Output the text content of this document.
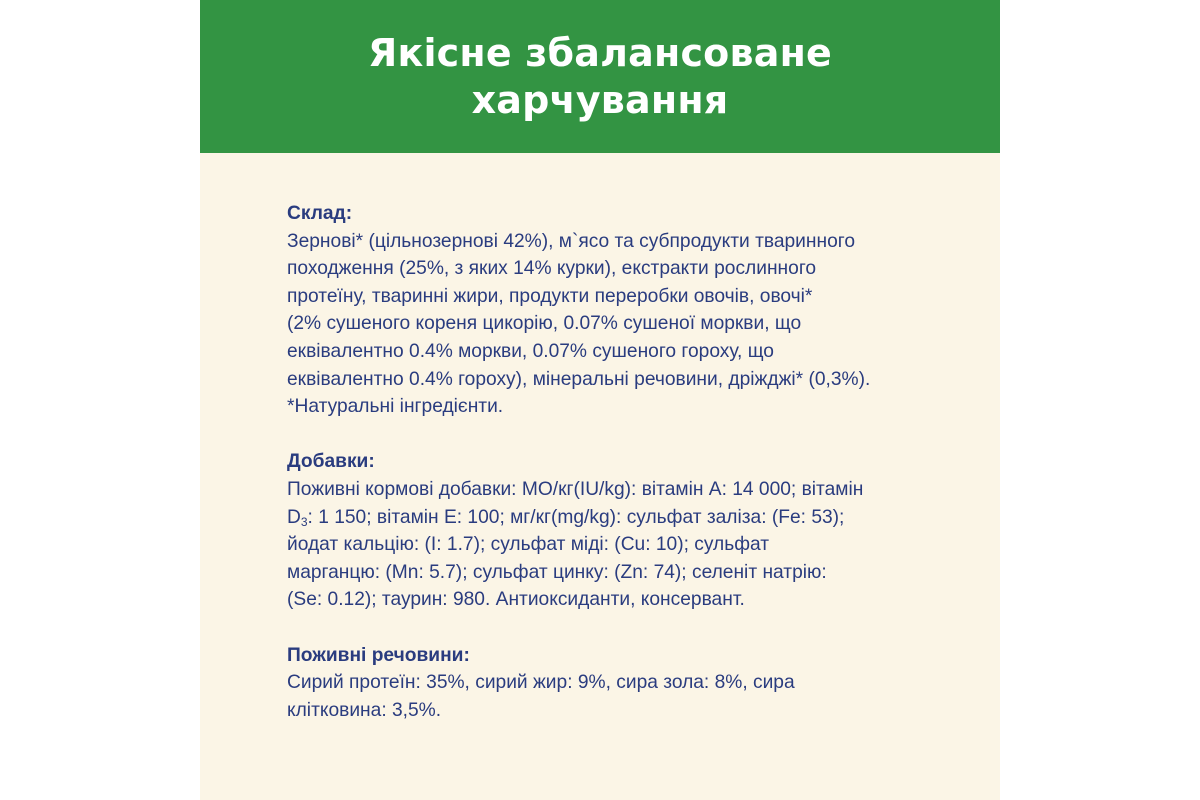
Якісне збалансоване
харчування
Склад:
Зернові* (цільнозернові 42%), м`ясо та субпродукти тваринного
походження (25%, з яких 14% курки), екстракти рослинного
протеїну, тваринні жири, продукти переробки овочів, овочі*
(2% сушеного кореня цикорію, 0.07% сушеної моркви, що
еквівалентно 0.4% моркви, 0.07% сушеного гороху, що
еквівалентно 0.4% гороху), мінеральні речовини, дріжджі* (0,3%).
*Натуральні інгредієнти.
Добавки:
Поживні кормові добавки: МО/кг(IU/kg): вітамін А: 14 000; вітамін
$D_3$: 1 150; вітамін Е: 100; мг/кг(mg/kg): сульфат заліза: (Fe: 53);
йодат кальцію: (I: 1.7); сульфат міді: (Cu: 10); сульфат
марганцю: (Mn: 5.7); сульфат цинку: (Zn: 74); селеніт натрію:
(Se: 0.12); таурин: 980. Антиоксиданти, консервант.
Поживні речовини:
Сирий протеїн: 35%, сирий жир: 9%, сира зола: 8%, сира
клітковина: 3,5%.
